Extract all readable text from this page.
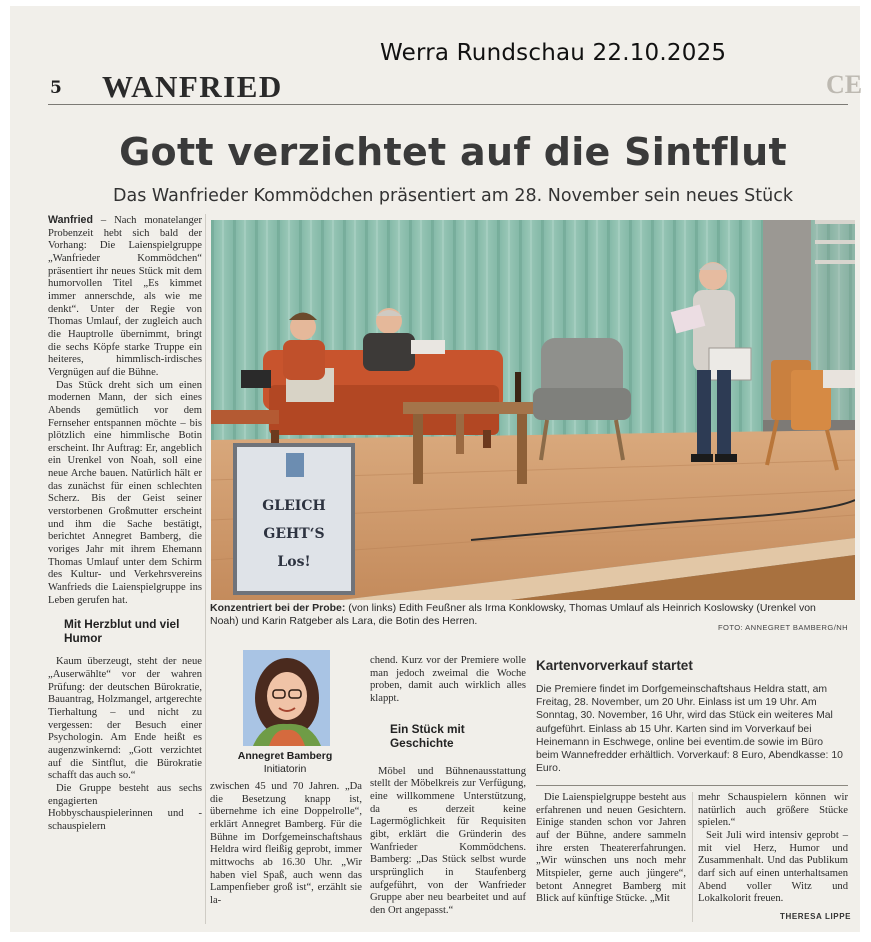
Werra Rundschau 22.10.2025
5 WANFRIED	CE
Gott verzichtet auf die Sintflut
Das Wanfrieder Kommödchen präsentiert am 28. November sein neues Stück

Wanfried – Nach monatelanger Probenzeit hebt sich bald der Vorhang: Die Laienspielgruppe „Wanfrieder Kommödchen“ präsentiert ihr neues Stück mit dem humorvollen Titel „Es kimmet immer annerschde, als wie me denkt“. Unter der Regie von Thomas Umlauf, der zugleich auch die Hauptrolle übernimmt, bringt die sechs Köpfe starke Truppe ein heiteres, himmlisch-irdisches Vergnügen auf die Bühne.

Das Stück dreht sich um einen modernen Mann, der sich eines Abends gemütlich vor dem Fernseher entspannen möchte – bis plötzlich eine himmlische Botin erscheint. Ihr Auftrag: Er, angeblich ein Urenkel von Noah, soll eine neue Arche bauen. Natürlich hält er das zunächst für einen schlechten Scherz. Bis der Geist seiner verstorbenen Großmutter erscheint und ihm die Sache bestätigt, berichtet Annegret Bamberg, die voriges Jahr mit ihrem Ehemann Thomas Umlauf unter dem Schirm des Kultur- und Verkehrsvereins Wanfrieds die Laienspielgruppe ins Leben gerufen hat.

Mit Herzblut und viel Humor

Kaum überzeugt, steht der neue „Auserwählte“ vor der wahren Prüfung: der deutschen Bürokratie, Bauantrag, Holzmangel, artgerechte Tierhaltung – und nicht zu vergessen: der Besuch einer Psychologin. Am Ende heißt es augenzwinkernd: „Gott verzichtet auf die Sintflut, die Bürokratie schafft das auch so.“

Die Gruppe besteht aus sechs engagierten Hobbyschauspielerinnen und -schauspielern

GLEICH
GEHT‘S
Los!
Konzentriert bei der Probe: (von links) Edith Feußner als Irma Konklowsky, Thomas Umlauf als Heinrich Koslowsky (Urenkel von Noah) und Karin Ratgeber als Lara, die Botin des Herren.
FOTO: ANNEGRET BAMBERG/NH
Annegret Bamberg
Initiatorin

zwischen 45 und 70 Jahren. „Da die Besetzung knapp ist, übernehme ich eine Doppelrolle“, erklärt Annegret Bamberg. Für die Bühne im Dorfgemeinschaftshaus Heldra wird fleißig geprobt, immer mittwochs ab 16.30 Uhr. „Wir haben viel Spaß, auch wenn das Lampenfieber groß ist“, erzählt sie la-

chend. Kurz vor der Premiere wolle man jedoch zweimal die Woche proben, damit auch wirklich alles klappt.

Ein Stück mit Geschichte

Möbel und Bühnenausstattung stellt der Möbelkreis zur Verfügung, eine willkommene Unterstützung, da es derzeit keine Lagermöglichkeit für Requisiten gibt, erklärt die Gründerin des Wanfrieder Kommödchens. Bamberg: „Das Stück selbst wurde ursprünglich in Staufenberg aufgeführt, von der Wanfrieder Gruppe aber neu bearbeitet und auf den Ort angepasst.“

Kartenvorverkauf startet
Die Premiere findet im Dorfgemeinschaftshaus Heldra statt, am Freitag, 28. November, um 20 Uhr. Einlass ist um 19 Uhr. Am Sonntag, 30. November, 16 Uhr, wird das Stück ein weiteres Mal aufgeführt. Einlass ab 15 Uhr. Karten sind im Vorverkauf bei Heinemann in Eschwege, online bei eventim.de sowie im Büro beim Wannefredder erhältlich. Vorverkauf: 8 Euro, Abendkasse: 10 Euro.

Die Laienspielgruppe besteht aus erfahrenen und neuen Gesichtern. Einige standen schon vor Jahren auf der Bühne, andere sammeln ihre ersten Theatererfahrungen. „Wir wünschen uns noch mehr Mitspieler, gerne auch jüngere“, betont Annegret Bamberg mit Blick auf künftige Stücke. „Mit

mehr Schauspielern können wir natürlich auch größere Stücke spielen.“

Seit Juli wird intensiv geprobt – mit viel Herz, Humor und Zusammenhalt. Und das Publikum darf sich auf einen unterhaltsamen Abend voller Witz und Lokalkolorit freuen.

THERESA LIPPE
